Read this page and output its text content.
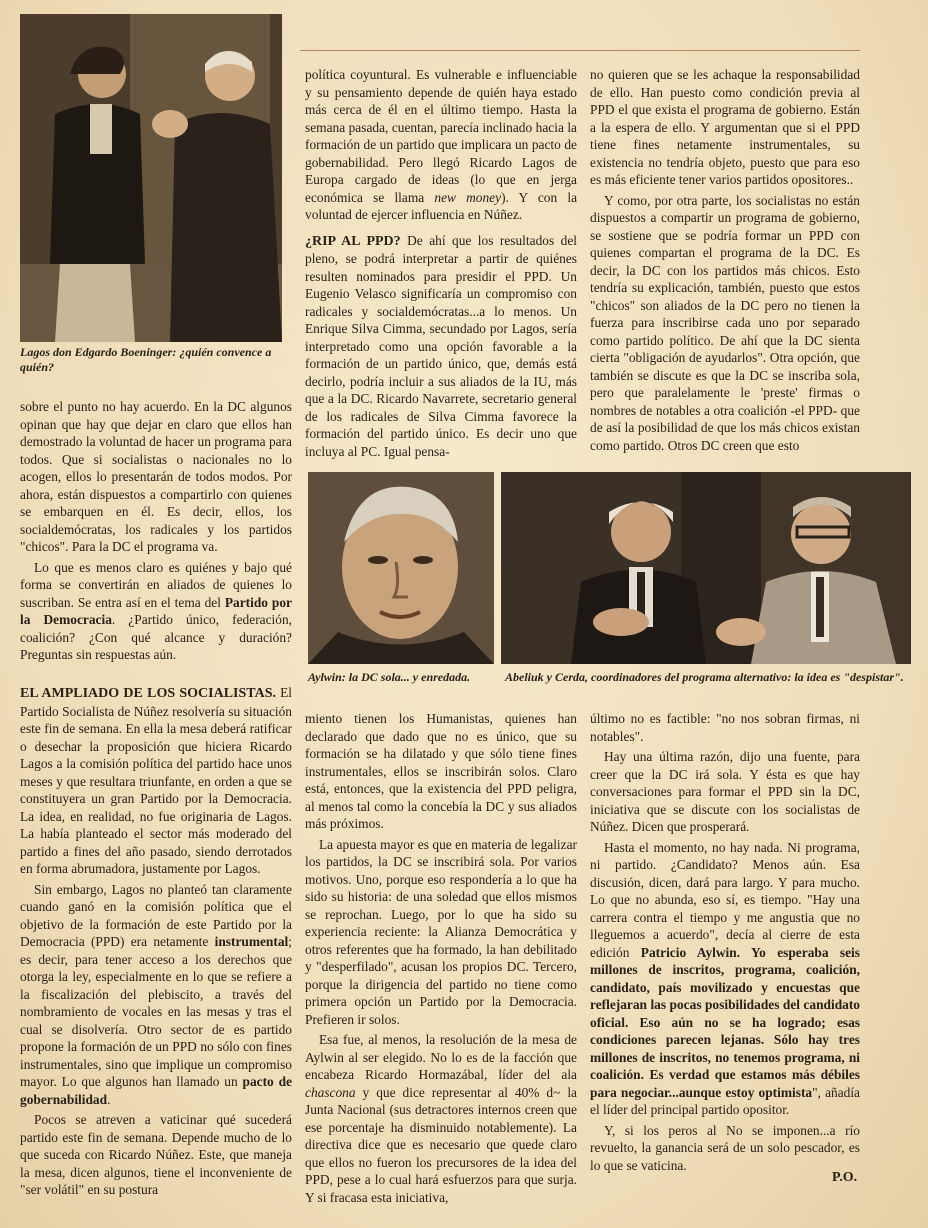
Lagos don Edgardo Boeninger: ¿quién convence a quién?

sobre el punto no hay acuerdo. En la DC algunos opinan que hay que dejar en claro que ellos han demostrado la voluntad de hacer un programa para todos. Que si socialistas o nacionales no lo acogen, ellos lo presentarán de todos modos. Por ahora, están dispuestos a compartirlo con quienes se embarquen en él. Es decir, ellos, los socialdemócratas, los radicales y los partidos "chicos". Para la DC el programa va.

Lo que es menos claro es quiénes y bajo qué forma se convertirán en aliados de quienes lo suscriban. Se entra así en el tema del Partido por la Democracia. ¿Partido único, federación, coalición? ¿Con qué alcance y duración? Preguntas sin respuestas aún.

EL AMPLIADO DE LOS SOCIALISTAS. El Partido Socialista de Núñez resolvería su situación este fin de semana. En ella la mesa deberá ratificar o desechar la proposición que hiciera Ricardo Lagos a la comisión política del partido hace unos meses y que resultara triunfante, en orden a que se constituyera un gran Partido por la Democracia. La idea, en realidad, no fue originaria de Lagos. La había planteado el sector más moderado del partido a fines del año pasado, siendo derrotados en forma abrumadora, justamente por Lagos.

Sin embargo, Lagos no planteó tan claramente cuando ganó en la comisión política que el objetivo de la formación de este Partido por la Democracia (PPD) era netamente instrumental; es decir, para tener acceso a los derechos que otorga la ley, especialmente en lo que se refiere a la fiscalización del plebiscito, a través del nombramiento de vocales en las mesas y tras el cual se disolvería. Otro sector de es partido propone la formación de un PPD no sólo con fines instrumentales, sino que implique un compromiso mayor. Lo que algunos han llamado un pacto de gobernabilidad.

Pocos se atreven a vaticinar qué sucederá partido este fin de semana. Depende mucho de lo que suceda con Ricardo Núñez. Este, que maneja la mesa, dicen algunos, tiene el inconveniente de "ser volátil" en su postura

política coyuntural. Es vulnerable e influenciable y su pensamiento depende de quién haya estado más cerca de él en el último tiempo. Hasta la semana pasada, cuentan, parecía inclinado hacia la formación de un partido que implicara un pacto de gobernabilidad. Pero llegó Ricardo Lagos de Europa cargado de ideas (lo que en jerga económica se llama new money). Y con la voluntad de ejercer influencia en Núñez.

¿RIP AL PPD? De ahí que los resultados del pleno, se podrá interpretar a partir de quiénes resulten nominados para presidir el PPD. Un Eugenio Velasco significaría un compromiso con radicales y socialdemócratas...a lo menos. Un Enrique Silva Cimma, secundado por Lagos, sería interpretado como una opción favorable a la formación de un partido único, que, demás está decirlo, podría incluir a sus aliados de la IU, más que a la DC. Ricardo Navarrete, secretario general de los radicales de Silva Cimma favorece la formación del partido único. Es decir uno que incluya al PC. Igual pensa-

no quieren que se les achaque la responsabilidad de ello. Han puesto como condición previa al PPD el que exista el programa de gobierno. Están a la espera de ello. Y argumentan que si el PPD tiene fines netamente instrumentales, su existencia no tendría objeto, puesto que para eso es más eficiente tener varios partidos opositores..

Y como, por otra parte, los socialistas no están dispuestos a compartir un programa de gobierno, se sostiene que se podría formar un PPD con quienes compartan el programa de la DC. Es decir, la DC con los partidos más chicos. Esto tendría su explicación, también, puesto que estos "chicos" son aliados de la DC pero no tienen la fuerza para inscribirse cada uno por separado como partido político. De ahí que la DC sienta cierta "obligación de ayudarlos". Otra opción, que también se discute es que la DC se inscriba sola, pero que paralelamente le 'preste' firmas o nombres de notables a otra coalición -el PPD- que de así la posibilidad de que los más chicos existan como partido. Otros DC creen que esto

Aylwin: la DC sola... y enredada.	Abeliuk y Cerda, coordinadores del programa alternativo: la idea es "despistar".

miento tienen los Humanistas, quienes han declarado que dado que no es único, que su formación se ha dilatado y que sólo tiene fines instrumentales, ellos se inscribirán solos. Claro está, entonces, que la existencia del PPD peligra, al menos tal como la concebía la DC y sus aliados más próximos.

La apuesta mayor es que en materia de legalizar los partidos, la DC se inscribirá sola. Por varios motivos. Uno, porque eso respondería a lo que ha sido su historia: de una soledad que ellos mismos se reprochan. Luego, por lo que ha sido su experiencia reciente: la Alianza Democrática y otros referentes que ha formado, la han debilitado y "desperfilado", acusan los propios DC. Tercero, porque la dirigencia del partido no tiene como primera opción un Partido por la Democracia. Prefieren ir solos.

Esa fue, al menos, la resolución de la mesa de Aylwin al ser elegido. No lo es de la facción que encabeza Ricardo Hormazábal, líder del ala chascona y que dice representar al 40% d~ la Junta Nacional (sus detractores internos creen que ese porcentaje ha disminuido notablemente). La directiva dice que es necesario que quede claro que ellos no fueron los precursores de la idea del PPD, pese a lo cual hará esfuerzos para que surja. Y si fracasa esta iniciativa,

último no es factible: "no nos sobran firmas, ni notables".

Hay una última razón, dijo una fuente, para creer que la DC irá sola. Y ésta es que hay conversaciones para formar el PPD sin la DC, iniciativa que se discute con los socialistas de Núñez. Dicen que prosperará.

Hasta el momento, no hay nada. Ni programa, ni partido. ¿Candidato? Menos aún. Esa discusión, dicen, dará para largo. Y para mucho. Lo que no abunda, eso sí, es tiempo. "Hay una carrera contra el tiempo y me angustia que no lleguemos a acuerdo", decía al cierre de esta edición Patricio Aylwin. Yo esperaba seis millones de inscritos, programa, coalición, candidato, país movilizado y encuestas que reflejaran las pocas posibilidades del candidato oficial. Eso aún no se ha logrado; esas condiciones parecen lejanas. Sólo hay tres millones de inscritos, no tenemos programa, ni coalición. Es verdad que estamos más débiles para negociar...aunque estoy optimista", añadía el líder del principal partido opositor.

Y, si los peros al No se imponen...a río revuelto, la ganancia será de un solo pescador, es lo que se vaticina.

P.O.
